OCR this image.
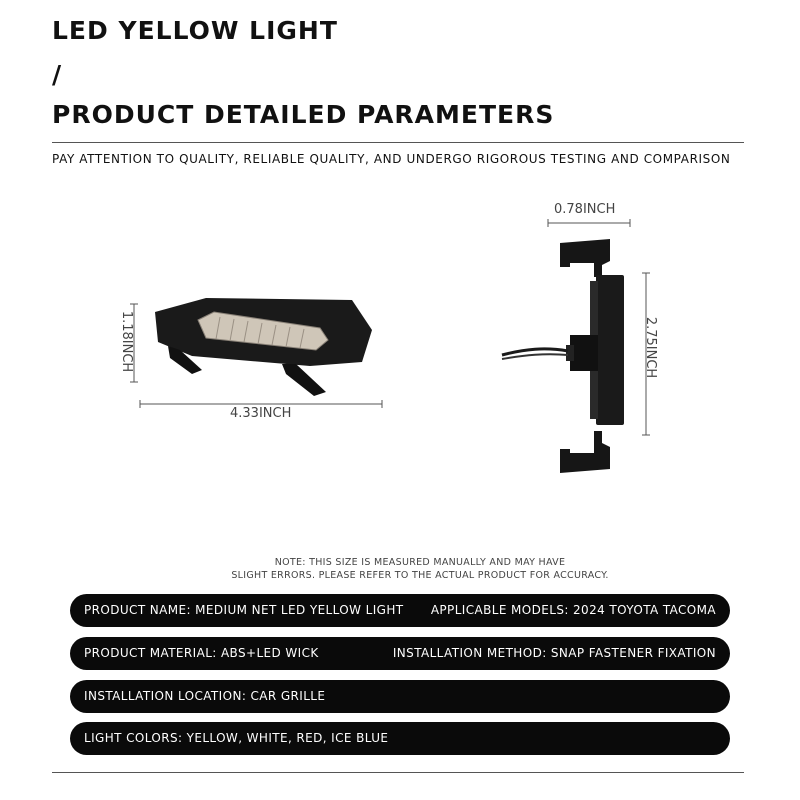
LED YELLOW LIGHT
/
PRODUCT DETAILED PARAMETERS
PAY ATTENTION TO QUALITY, RELIABLE QUALITY, AND UNDERGO RIGOROUS TESTING AND COMPARISON
4.33INCH
1.18INCH
0.78INCH
2.75INCH
NOTE: THIS SIZE IS MEASURED MANUALLY AND MAY HAVE
SLIGHT ERRORS. PLEASE REFER TO THE ACTUAL PRODUCT FOR ACCURACY.
PRODUCT NAME: MEDIUM NET LED YELLOW LIGHT APPLICABLE MODELS: 2024 TOYOTA TACOMA
PRODUCT MATERIAL: ABS+LED WICK	INSTALLATION METHOD: SNAP FASTENER FIXATION
INSTALLATION LOCATION: CAR GRILLE
LIGHT COLORS: YELLOW, WHITE, RED, ICE BLUE
